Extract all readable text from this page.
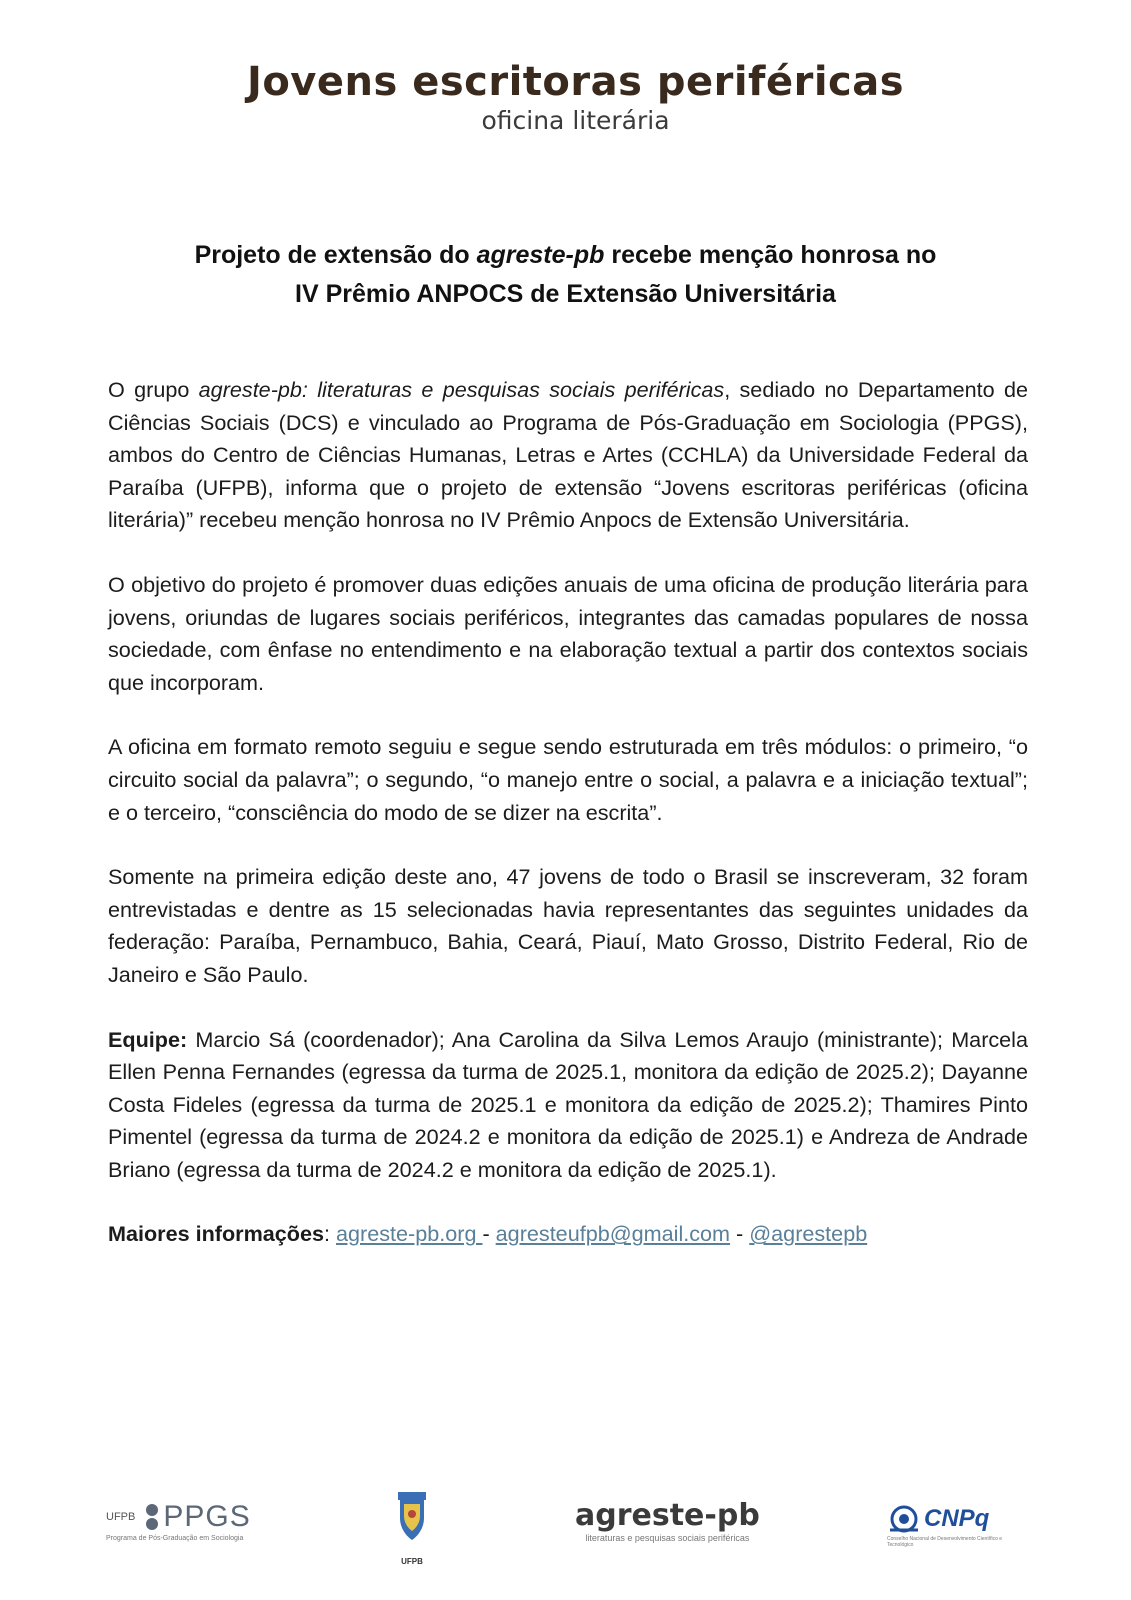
Jovens escritoras periféricas
oficina literária
Projeto de extensão do agreste-pb recebe menção honrosa no
IV Prêmio ANPOCS de Extensão Universitária

O grupo agreste-pb: literaturas e pesquisas sociais periféricas, sediado no Departamento de Ciências Sociais (DCS) e vinculado ao Programa de Pós-Graduação em Sociologia (PPGS), ambos do Centro de Ciências Humanas, Letras e Artes (CCHLA) da Universidade Federal da Paraíba (UFPB), informa que o projeto de extensão “Jovens escritoras periféricas (oficina literária)” recebeu menção honrosa no IV Prêmio Anpocs de Extensão Universitária.

O objetivo do projeto é promover duas edições anuais de uma oficina de produção literária para jovens, oriundas de lugares sociais periféricos, integrantes das camadas populares de nossa sociedade, com ênfase no entendimento e na elaboração textual a partir dos contextos sociais que incorporam.

A oficina em formato remoto seguiu e segue sendo estruturada em três módulos: o primeiro, “o circuito social da palavra”; o segundo, “o manejo entre o social, a palavra e a iniciação textual”; e o terceiro, “consciência do modo de se dizer na escrita”.

Somente na primeira edição deste ano, 47 jovens de todo o Brasil se inscreveram, 32 foram entrevistadas e dentre as 15 selecionadas havia representantes das seguintes unidades da federação: Paraíba, Pernambuco, Bahia, Ceará, Piauí, Mato Grosso, Distrito Federal, Rio de Janeiro e São Paulo.

Equipe: Marcio Sá (coordenador); Ana Carolina da Silva Lemos Araujo (ministrante); Marcela Ellen Penna Fernandes (egressa da turma de 2025.1, monitora da edição de 2025.2); Dayanne Costa Fideles (egressa da turma de 2025.1 e monitora da edição de 2025.2); Thamires Pinto Pimentel (egressa da turma de 2024.2 e monitora da edição de 2025.1) e Andreza de Andrade Briano (egressa da turma de 2024.2 e monitora da edição de 2025.1).

Maiores informações: agreste-pb.org - agresteufpb@gmail.com - @agrestepb

UFPB PPGS
Programa de Pós-Graduação em Sociologia
UFPB
agreste-pb
literaturas e pesquisas sociais periféricas
CNPq
Conselho Nacional de Desenvolvimento Científico e Tecnológico
